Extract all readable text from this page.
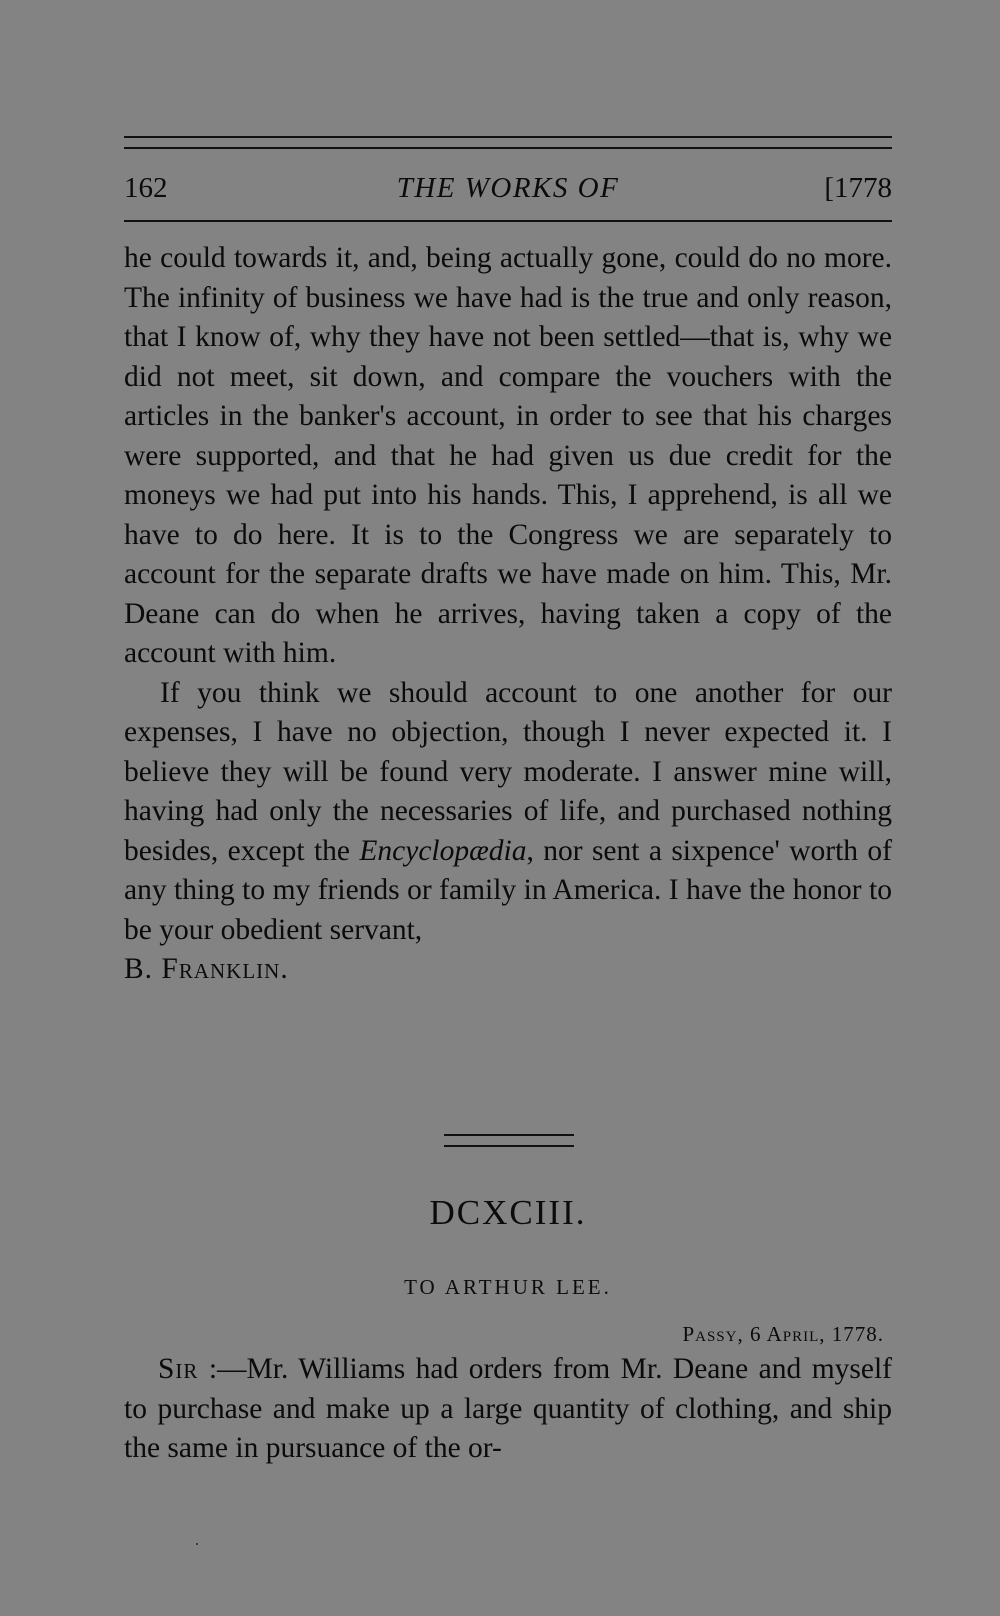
162	THE WORKS OF	[1778

he could towards it, and, being actually gone, could do no more. The infinity of business we have had is the true and only reason, that I know of, why they have not been settled—that is, why we did not meet, sit down, and compare the vouchers with the articles in the banker's account, in order to see that his charges were supported, and that he had given us due credit for the moneys we had put into his hands. This, I apprehend, is all we have to do here. It is to the Congress we are separately to account for the separate drafts we have made on him. This, Mr. Deane can do when he arrives, having taken a copy of the account with him.

If you think we should account to one another for our expenses, I have no objection, though I never expected it. I believe they will be found very moderate. I answer mine will, having had only the necessaries of life, and purchased nothing besides, except the Encyclopædia, nor sent a sixpence' worth of any thing to my friends or family in America. I have the honor to be your obedient servant,

B. Franklin.

DCXCIII.
TO ARTHUR LEE.
Passy, 6 April, 1778.

Sir :—Mr. Williams had orders from Mr. Deane and myself to purchase and make up a large quantity of clothing, and ship the same in pursuance of the or-
